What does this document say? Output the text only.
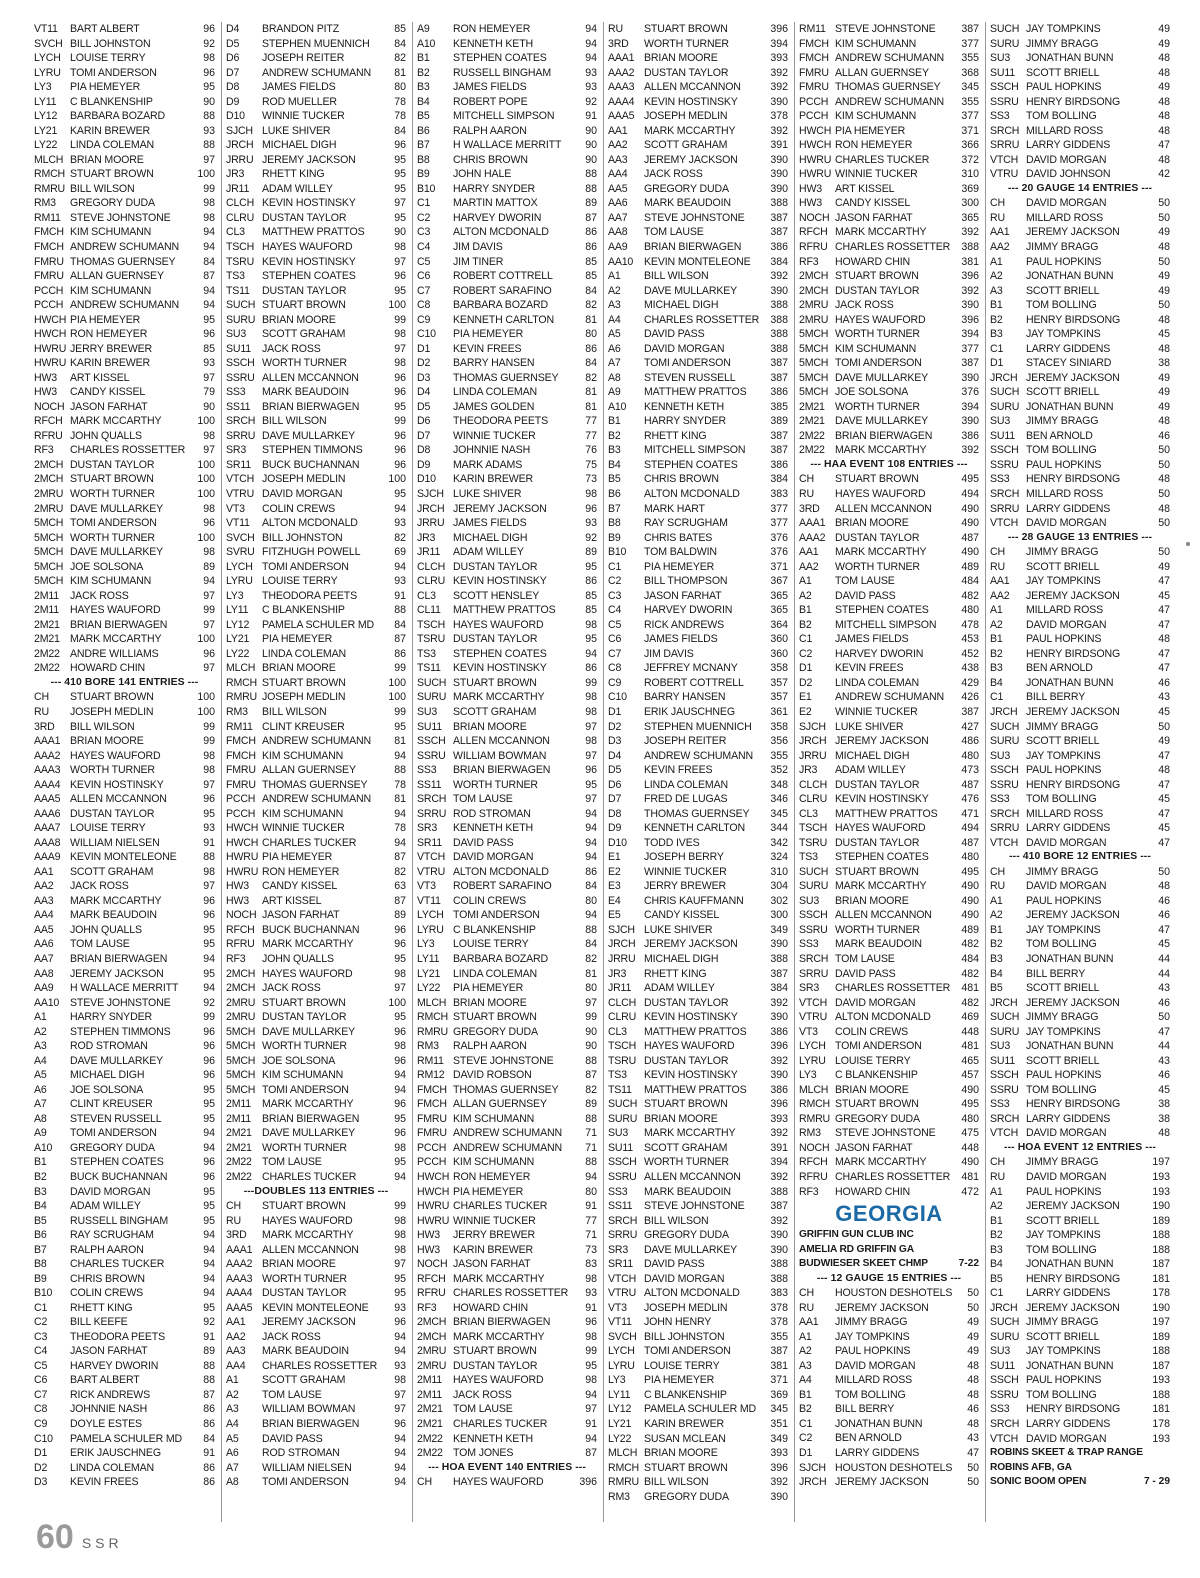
VT11	BART ALBERT	96
SVCH BILL JOHNSTON	92
LYCH LOUISE TERRY	98
LYRU TOMI ANDERSON	96
LY3	PIA HEMEYER	95
LY11	C BLANKENSHIP	90
LY12	BARBARA BOZARD	88
LY21	KARIN BREWER	93
LY22	LINDA COLEMAN	88
MLCH BRIAN MOORE	97
RMCH STUART BROWN	100
RMRU BILL WILSON	99
RM3	GREGORY DUDA	98
RM11 STEVE JOHNSTONE	98
FMCH KIM SCHUMANN	94
FMCH ANDREW SCHUMANN	94
FMRU THOMAS GUERNSEY	84
FMRU ALLAN GUERNSEY	87
PCCH KIM SCHUMANN	94
PCCH ANDREW SCHUMANN	94
HWCH PIA HEMEYER	95
HWCH RON HEMEYER	96
HWRU JERRY BREWER	85
HWRU KARIN BREWER	93
HW3	ART KISSEL	97
HW3	CANDY KISSEL	79
NOCH JASON FARHAT	90
RFCH MARK MCCARTHY	100
RFRU JOHN QUALLS	98
RF3	CHARLES ROSSETTER	97
2MCH DUSTAN TAYLOR	100
2MCH STUART BROWN	100
2MRU WORTH TURNER	100
2MRU DAVE MULLARKEY	98
5MCH TOMI ANDERSON	96
5MCH WORTH TURNER	100
5MCH DAVE MULLARKEY	98
5MCH JOE SOLSONA	89
5MCH KIM SCHUMANN	94
2M11	JACK ROSS	97
2M11	HAYES WAUFORD	99
2M21 BRIAN BIERWAGEN	97
2M21 MARK MCCARTHY	100
2M22 ANDRE WILLIAMS	96
2M22 HOWARD CHIN	97
--- 410 BORE 141 ENTRIES ---
CH	STUART BROWN	100
RU	JOSEPH MEDLIN	100
3RD	BILL WILSON	99
AAA1 BRIAN MOORE	99
AAA2 HAYES WAUFORD	98
AAA3 WORTH TURNER	98
AAA4 KEVIN HOSTINSKY	97
AAA5 ALLEN MCCANNON	96
AAA6 DUSTAN TAYLOR	95
AAA7 LOUISE TERRY	93
AAA8 WILLIAM NIELSEN	91
AAA9 KEVIN MONTELEONE	88
AA1	SCOTT GRAHAM	98
AA2	JACK ROSS	97
AA3	MARK MCCARTHY	96
AA4	MARK BEAUDOIN	96
AA5	JOHN QUALLS	95
AA6	TOM LAUSE	95
AA7	BRIAN BIERWAGEN	94
AA8	JEREMY JACKSON	95
AA9	H WALLACE MERRITT	94
AA10	STEVE JOHNSTONE	92
A1	HARRY SNYDER	99
A2	STEPHEN TIMMONS	96
A3	ROD STROMAN	96
A4	DAVE MULLARKEY	96
A5	MICHAEL DIGH	96
A6	JOE SOLSONA	95
A7	CLINT KREUSER	95
A8	STEVEN RUSSELL	95
A9	TOMI ANDERSON	94
A10	GREGORY DUDA	94
B1	STEPHEN COATES	96
B2	BUCK BUCHANNAN	96
B3	DAVID MORGAN	95
B4	ADAM WILLEY	95
B5	RUSSELL BINGHAM	95
B6	RAY SCRUGHAM	94
B7	RALPH AARON	94
B8	CHARLES TUCKER	94
B9	CHRIS BROWN	94
B10	COLIN CREWS	94
C1	RHETT KING	95
C2	BILL KEEFE	92
C3	THEODORA PEETS	91
C4	JASON FARHAT	89
C5	HARVEY DWORIN	88
C6	BART ALBERT	88
C7	RICK ANDREWS	87
C8	JOHNNIE NASH	86
C9	DOYLE ESTES	86
C10	PAMELA SCHULER MD	84
D1	ERIK JAUSCHNEG	91
D2	LINDA COLEMAN	86
D3	KEVIN FREES	86
D4	BRANDON PITZ	85
D5	STEPHEN MUENNICH	84
D6	JOSEPH REITER	82
D7	ANDREW SCHUMANN	81
D8	JAMES FIELDS	80
D9	ROD MUELLER	78
D10	WINNIE TUCKER	78
SJCH LUKE SHIVER	84
JRCH MICHAEL DIGH	96
JRRU JEREMY JACKSON	95
JR3	RHETT KING	95
JR11	ADAM WILLEY	95
CLCH KEVIN HOSTINSKY	97
CLRU DUSTAN TAYLOR	95
CL3	MATTHEW PRATTOS	90
TSCH HAYES WAUFORD	98
TSRU KEVIN HOSTINSKY	97
TS3	STEPHEN COATES	96
TS11	DUSTAN TAYLOR	95
SUCH STUART BROWN	100
SURU BRIAN MOORE	99
SU3	SCOTT GRAHAM	98
SU11	JACK ROSS	97
SSCH WORTH TURNER	98
SSRU ALLEN MCCANNON	96
SS3	MARK BEAUDOIN	96
SS11	BRIAN BIERWAGEN	95
SRCH BILL WILSON	99
SRRU DAVE MULLARKEY	96
SR3	STEPHEN TIMMONS	96
SR11	BUCK BUCHANNAN	96
VTCH JOSEPH MEDLIN	100
VTRU DAVID MORGAN	95
VT3	COLIN CREWS	94
VT11	ALTON MCDONALD	93
SVCH BILL JOHNSTON	82
SVRU FITZHUGH POWELL	69
LYCH TOMI ANDERSON	94
LYRU LOUISE TERRY	93
LY3	THEODORA PEETS	91
LY11	C BLANKENSHIP	88
LY12	PAMELA SCHULER MD	84
LY21	PIA HEMEYER	87
LY22	LINDA COLEMAN	86
MLCH BRIAN MOORE	99
RMCH STUART BROWN	100
RMRU JOSEPH MEDLIN	100
RM3	BILL WILSON	99
RM11 CLINT KREUSER	95
FMCH ANDREW SCHUMANN	81
FMCH KIM SCHUMANN	94
FMRU ALLAN GUERNSEY	88
FMRU THOMAS GUERNSEY	78
PCCH ANDREW SCHUMANN	81
PCCH KIM SCHUMANN	94
HWCH WINNIE TUCKER	78
HWCH CHARLES TUCKER	94
HWRU PIA HEMEYER	87
HWRU RON HEMEYER	82
HW3	CANDY KISSEL	63
HW3	ART KISSEL	87
NOCH JASON FARHAT	89
RFCH BUCK BUCHANNAN	96
RFRU MARK MCCARTHY	96
RF3	JOHN QUALLS	95
2MCH HAYES WAUFORD	98
2MCH JACK ROSS	97
2MRU STUART BROWN	100
2MRU DUSTAN TAYLOR	95
5MCH DAVE MULLARKEY	96
5MCH WORTH TURNER	98
5MCH JOE SOLSONA	96
5MCH KIM SCHUMANN	94
5MCH TOMI ANDERSON	94
2M11	MARK MCCARTHY	96
2M11	BRIAN BIERWAGEN	95
2M21 DAVE MULLARKEY	96
2M21 WORTH TURNER	98
2M22 TOM LAUSE	95
2M22 CHARLES TUCKER	94
---DOUBLES 113 ENTRIES ---
CH	STUART BROWN	99
RU	HAYES WAUFORD	98
3RD	MARK MCCARTHY	98
AAA1 ALLEN MCCANNON	98
AAA2 BRIAN MOORE	97
AAA3 WORTH TURNER	95
AAA4 DUSTAN TAYLOR	95
AAA5 KEVIN MONTELEONE	93
AA1	JEREMY JACKSON	96
AA2	JACK ROSS	94
AA3	MARK BEAUDOIN	94
AA4	CHARLES ROSSETTER	93
A1	SCOTT GRAHAM	98
A2	TOM LAUSE	97
A3	WILLIAM BOWMAN	97
A4	BRIAN BIERWAGEN	96
A5	DAVID PASS	94
A6	ROD STROMAN	94
A7	WILLIAM NIELSEN	94
A8	TOMI ANDERSON	94
A9	RON HEMEYER	94
A10	KENNETH KETH	94
B1	STEPHEN COATES	94
B2	RUSSELL BINGHAM	93
B3	JAMES FIELDS	93
B4	ROBERT POPE	92
B5	MITCHELL SIMPSON	91
B6	RALPH AARON	90
B7	H WALLACE MERRITT	90
B8	CHRIS BROWN	90
B9	JOHN HALE	88
B10	HARRY SNYDER	88
C1	MARTIN MATTOX	89
C2	HARVEY DWORIN	87
C3	ALTON MCDONALD	86
C4	JIM DAVIS	86
C5	JIM TINER	85
C6	ROBERT COTTRELL	85
C7	ROBERT SARAFINO	84
C8	BARBARA BOZARD	82
C9	KENNETH CARLTON	81
C10	PIA HEMEYER	80
D1	KEVIN FREES	86
D2	BARRY HANSEN	84
D3	THOMAS GUERNSEY	82
D4	LINDA COLEMAN	81
D5	JAMES GOLDEN	81
D6	THEODORA PEETS	77
D7	WINNIE TUCKER	77
D8	JOHNNIE NASH	76
D9	MARK ADAMS	75
D10	KARIN BREWER	73
SJCH LUKE SHIVER	98
JRCH JEREMY JACKSON	96
JRRU JAMES FIELDS	93
JR3	MICHAEL DIGH	92
JR11	ADAM WILLEY	89
CLCH DUSTAN TAYLOR	95
CLRU KEVIN HOSTINSKY	86
CL3	SCOTT HENSLEY	85
CL11	MATTHEW PRATTOS	85
TSCH HAYES WAUFORD	98
TSRU DUSTAN TAYLOR	95
TS3	STEPHEN COATES	94
TS11	KEVIN HOSTINSKY	86
SUCH STUART BROWN	99
SURU MARK MCCARTHY	98
SU3	SCOTT GRAHAM	98
SU11	BRIAN MOORE	97
SSCH ALLEN MCCANNON	98
SSRU WILLIAM BOWMAN	97
SS3	BRIAN BIERWAGEN	96
SS11	WORTH TURNER	95
SRCH TOM LAUSE	97
SRRU ROD STROMAN	94
SR3	KENNETH KETH	94
SR11	DAVID PASS	94
VTCH DAVID MORGAN	94
VTRU ALTON MCDONALD	86
VT3	ROBERT SARAFINO	84
VT11	COLIN CREWS	80
LYCH TOMI ANDERSON	94
LYRU C BLANKENSHIP	88
LY3	LOUISE TERRY	84
LY11	BARBARA BOZARD	82
LY21	LINDA COLEMAN	81
LY22	PIA HEMEYER	80
MLCH BRIAN MOORE	97
RMCH STUART BROWN	99
RMRU GREGORY DUDA	90
RM3	RALPH AARON	90
RM11 STEVE JOHNSTONE	88
RM12 DAVID ROBSON	87
FMCH THOMAS GUERNSEY	82
FMCH ALLAN GUERNSEY	89
FMRU KIM SCHUMANN	88
FMRU ANDREW SCHUMANN	71
PCCH ANDREW SCHUMANN	71
PCCH KIM SCHUMANN	88
HWCH RON HEMEYER	94
HWCH PIA HEMEYER	80
HWRU CHARLES TUCKER	91
HWRU WINNIE TUCKER	77
HW3	JERRY BREWER	71
HW3	KARIN BREWER	73
NOCH JASON FARHAT	83
RFCH MARK MCCARTHY	98
RFRU CHARLES ROSSETTER	93
RF3	HOWARD CHIN	91
2MCH BRIAN BIERWAGEN	96
2MCH MARK MCCARTHY	98
2MRU STUART BROWN	99
2MRU DUSTAN TAYLOR	95
2M11	HAYES WAUFORD	98
2M11	JACK ROSS	94
2M21 TOM LAUSE	97
2M21 CHARLES TUCKER	91
2M22 KENNETH KETH	94
2M22 TOM JONES	87
--- HOA EVENT 140 ENTRIES ---
CH	HAYES WAUFORD	396
RU	STUART BROWN	396
3RD	WORTH TURNER	394
AAA1 BRIAN MOORE	393
AAA2 DUSTAN TAYLOR	392
AAA3 ALLEN MCCANNON	392
AAA4 KEVIN HOSTINSKY	390
AAA5 JOSEPH MEDLIN	378
AA1	MARK MCCARTHY	392
AA2	SCOTT GRAHAM	391
AA3	JEREMY JACKSON	390
AA4	JACK ROSS	390
AA5	GREGORY DUDA	390
AA6	MARK BEAUDOIN	388
AA7	STEVE JOHNSTONE	387
AA8	TOM LAUSE	387
AA9	BRIAN BIERWAGEN	386
AA10	KEVIN MONTELEONE	384
A1	BILL WILSON	392
A2	DAVE MULLARKEY	390
A3	MICHAEL DIGH	388
A4	CHARLES ROSSETTER	388
A5	DAVID PASS	388
A6	DAVID MORGAN	388
A7	TOMI ANDERSON	387
A8	STEVEN RUSSELL	387
A9	MATTHEW PRATTOS	386
A10	KENNETH KETH	385
B1	HARRY SNYDER	389
B2	RHETT KING	387
B3	MITCHELL SIMPSON	387
B4	STEPHEN COATES	386
B5	CHRIS BROWN	384
B6	ALTON MCDONALD	383
B7	MARK HART	377
B8	RAY SCRUGHAM	377
B9	CHRIS BATES	376
B10	TOM BALDWIN	376
C1	PIA HEMEYER	371
C2	BILL THOMPSON	367
C3	JASON FARHAT	365
C4	HARVEY DWORIN	365
C5	RICK ANDREWS	364
C6	JAMES FIELDS	360
C7	JIM DAVIS	360
C8	JEFFREY MCNANY	358
C9	ROBERT COTTRELL	357
C10	BARRY HANSEN	357
D1	ERIK JAUSCHNEG	361
D2	STEPHEN MUENNICH	358
D3	JOSEPH REITER	356
D4	ANDREW SCHUMANN	355
D5	KEVIN FREES	352
D6	LINDA COLEMAN	348
D7	FRED DE LUGAS	346
D8	THOMAS GUERNSEY	345
D9	KENNETH CARLTON	344
D10	TODD IVES	342
E1	JOSEPH BERRY	324
E2	WINNIE TUCKER	310
E3	JERRY BREWER	304
E4	CHRIS KAUFFMANN	302
E5	CANDY KISSEL	300
SJCH LUKE SHIVER	349
JRCH JEREMY JACKSON	390
JRRU MICHAEL DIGH	388
JR3	RHETT KING	387
JR11	ADAM WILLEY	384
CLCH DUSTAN TAYLOR	392
CLRU KEVIN HOSTINSKY	390
CL3	MATTHEW PRATTOS	386
TSCH HAYES WAUFORD	396
TSRU DUSTAN TAYLOR	392
TS3	KEVIN HOSTINSKY	390
TS11	MATTHEW PRATTOS	386
SUCH STUART BROWN	396
SURU BRIAN MOORE	393
SU3	MARK MCCARTHY	392
SU11	SCOTT GRAHAM	391
SSCH WORTH TURNER	394
SSRU ALLEN MCCANNON	392
SS3	MARK BEAUDOIN	388
SS11	STEVE JOHNSTONE	387
SRCH BILL WILSON	392
SRRU GREGORY DUDA	390
SR3	DAVE MULLARKEY	390
SR11	DAVID PASS	388
VTCH DAVID MORGAN	388
VTRU ALTON MCDONALD	383
VT3	JOSEPH MEDLIN	378
VT11	JOHN HENRY	378
SVCH BILL JOHNSTON	355
LYCH TOMI ANDERSON	387
LYRU LOUISE TERRY	381
LY3	PIA HEMEYER	371
LY11	C BLANKENSHIP	369
LY12	PAMELA SCHULER MD	345
LY21	KARIN BREWER	351
LY22	SUSAN MCLEAN	349
MLCH BRIAN MOORE	393
RMCH STUART BROWN	396
RMRU BILL WILSON	392
RM3	GREGORY DUDA	390
RM11 STEVE JOHNSTONE	387
FMCH KIM SCHUMANN	377
FMCH ANDREW SCHUMANN	355
FMRU ALLAN GUERNSEY	368
FMRU THOMAS GUERNSEY	345
PCCH ANDREW SCHUMANN	355
PCCH KIM SCHUMANN	377
HWCH PIA HEMEYER	371
HWCH RON HEMEYER	366
HWRU CHARLES TUCKER	372
HWRU WINNIE TUCKER	310
HW3	ART KISSEL	369
HW3	CANDY KISSEL	300
NOCH JASON FARHAT	365
RFCH MARK MCCARTHY	392
RFRU CHARLES ROSSETTER	388
RF3	HOWARD CHIN	381
2MCH STUART BROWN	396
2MCH DUSTAN TAYLOR	392
2MRU JACK ROSS	390
2MRU HAYES WAUFORD	396
5MCH WORTH TURNER	394
5MCH KIM SCHUMANN	377
5MCH TOMI ANDERSON	387
5MCH DAVE MULLARKEY	390
5MCH JOE SOLSONA	376
2M21 WORTH TURNER	394
2M21 DAVE MULLARKEY	390
2M22 BRIAN BIERWAGEN	386
2M22 MARK MCCARTHY	392
--- HAA EVENT 108 ENTRIES ---
CH	STUART BROWN	495
RU	HAYES WAUFORD	494
3RD	ALLEN MCCANNON	490
AAA1 BRIAN MOORE	490
AAA2 DUSTAN TAYLOR	487
AA1	MARK MCCARTHY	490
AA2	WORTH TURNER	489
A1	TOM LAUSE	484
A2	DAVID PASS	482
B1	STEPHEN COATES	480
B2	MITCHELL SIMPSON	478
C1	JAMES FIELDS	453
C2	HARVEY DWORIN	452
D1	KEVIN FREES	438
D2	LINDA COLEMAN	429
E1	ANDREW SCHUMANN	426
E2	WINNIE TUCKER	387
SJCH LUKE SHIVER	427
JRCH JEREMY JACKSON	486
JRRU MICHAEL DIGH	480
JR3	ADAM WILLEY	473
CLCH DUSTAN TAYLOR	487
CLRU KEVIN HOSTINSKY	476
CL3	MATTHEW PRATTOS	471
TSCH HAYES WAUFORD	494
TSRU DUSTAN TAYLOR	487
TS3	STEPHEN COATES	480
SUCH STUART BROWN	495
SURU MARK MCCARTHY	490
SU3	BRIAN MOORE	490
SSCH ALLEN MCCANNON	490
SSRU WORTH TURNER	489
SS3	MARK BEAUDOIN	482
SRCH TOM LAUSE	484
SRRU DAVID PASS	482
SR3	CHARLES ROSSETTER	481
VTCH DAVID MORGAN	482
VTRU ALTON MCDONALD	469
VT3	COLIN CREWS	448
LYCH TOMI ANDERSON	481
LYRU LOUISE TERRY	465
LY3	C BLANKENSHIP	457
MLCH BRIAN MOORE	490
RMCH STUART BROWN	495
RMRU GREGORY DUDA	480
RM3	STEVE JOHNSTONE	475
NOCH JASON FARHAT	448
RFCH MARK MCCARTHY	490
RFRU CHARLES ROSSETTER	481
RF3	HOWARD CHIN	472
GEORGIA
GRIFFIN GUN CLUB INC
AMELIA RD GRIFFIN GA
BUDWIESER SKEET CHMP	7-22
--- 12 GAUGE 15 ENTRIES ---
CH	HOUSTON DESHOTELS	50
RU	JEREMY JACKSON	50
AA1	JIMMY BRAGG	49
A1	JAY TOMPKINS	49
A2	PAUL HOPKINS	49
A3	DAVID MORGAN	48
A4	MILLARD ROSS	48
B1	TOM BOLLING	48
B2	BILL BERRY	46
C1	JONATHAN BUNN	48
C2	BEN ARNOLD	43
D1	LARRY GIDDENS	47
SJCH HOUSTON DESHOTELS	50
JRCH JEREMY JACKSON	50
SUCH JAY TOMPKINS	49
SURU JIMMY BRAGG	49
SU3	JONATHAN BUNN	48
SU11	SCOTT BRIELL	48
SSCH PAUL HOPKINS	49
SSRU HENRY BIRDSONG	48
SS3	TOM BOLLING	48
SRCH MILLARD ROSS	48
SRRU LARRY GIDDENS	47
VTCH DAVID MORGAN	48
VTRU DAVID JOHNSON	42
--- 20 GAUGE 14 ENTRIES ---
CH	DAVID MORGAN	50
RU	MILLARD ROSS	50
AA1	JEREMY JACKSON	49
AA2	JIMMY BRAGG	48
A1	PAUL HOPKINS	50
A2	JONATHAN BUNN	49
A3	SCOTT BRIELL	49
B1	TOM BOLLING	50
B2	HENRY BIRDSONG	48
B3	JAY TOMPKINS	45
C1	LARRY GIDDENS	48
D1	STACEY SINIARD	38
JRCH JEREMY JACKSON	49
SUCH SCOTT BRIELL	49
SURU JONATHAN BUNN	49
SU3	JIMMY BRAGG	48
SU11	BEN ARNOLD	46
SSCH TOM BOLLING	50
SSRU PAUL HOPKINS	50
SS3	HENRY BIRDSONG	48
SRCH MILLARD ROSS	50
SRRU LARRY GIDDENS	48
VTCH DAVID MORGAN	50
--- 28 GAUGE 13 ENTRIES ---
CH	JIMMY BRAGG	50
RU	SCOTT BRIELL	49
AA1	JAY TOMPKINS	47
AA2	JEREMY JACKSON	45
A1	MILLARD ROSS	47
A2	DAVID MORGAN	47
B1	PAUL HOPKINS	48
B2	HENRY BIRDSONG	47
B3	BEN ARNOLD	47
B4	JONATHAN BUNN	46
C1	BILL BERRY	43
JRCH JEREMY JACKSON	45
SUCH JIMMY BRAGG	50
SURU SCOTT BRIELL	49
SU3	JAY TOMPKINS	47
SSCH PAUL HOPKINS	48
SSRU HENRY BIRDSONG	47
SS3	TOM BOLLING	45
SRCH MILLARD ROSS	47
SRRU LARRY GIDDENS	45
VTCH DAVID MORGAN	47
--- 410 BORE 12 ENTRIES ---
CH	JIMMY BRAGG	50
RU	DAVID MORGAN	48
A1	PAUL HOPKINS	46
A2	JEREMY JACKSON	46
B1	JAY TOMPKINS	47
B2	TOM BOLLING	45
B3	JONATHAN BUNN	44
B4	BILL BERRY	44
B5	SCOTT BRIELL	43
JRCH JEREMY JACKSON	46
SUCH JIMMY BRAGG	50
SURU JAY TOMPKINS	47
SU3	JONATHAN BUNN	44
SU11	SCOTT BRIELL	43
SSCH PAUL HOPKINS	46
SSRU TOM BOLLING	45
SS3	HENRY BIRDSONG	38
SRCH LARRY GIDDENS	38
VTCH DAVID MORGAN	48
--- HOA EVENT 12 ENTRIES ---
CH	JIMMY BRAGG	197
RU	DAVID MORGAN	193
A1	PAUL HOPKINS	193
A2	JEREMY JACKSON	190
B1	SCOTT BRIELL	189
B2	JAY TOMPKINS	188
B3	TOM BOLLING	188
B4	JONATHAN BUNN	187
B5	HENRY BIRDSONG	181
C1	LARRY GIDDENS	178
JRCH JEREMY JACKSON	190
SUCH JIMMY BRAGG	197
SURU SCOTT BRIELL	189
SU3	JAY TOMPKINS	188
SU11	JONATHAN BUNN	187
SSCH PAUL HOPKINS	193
SSRU TOM BOLLING	188
SS3	HENRY BIRDSONG	181
SRCH LARRY GIDDENS	178
VTCH DAVID MORGAN	193
ROBINS SKEET & TRAP RANGE
ROBINS AFB, GA
SONIC BOOM OPEN	7 - 29
60 SSR
